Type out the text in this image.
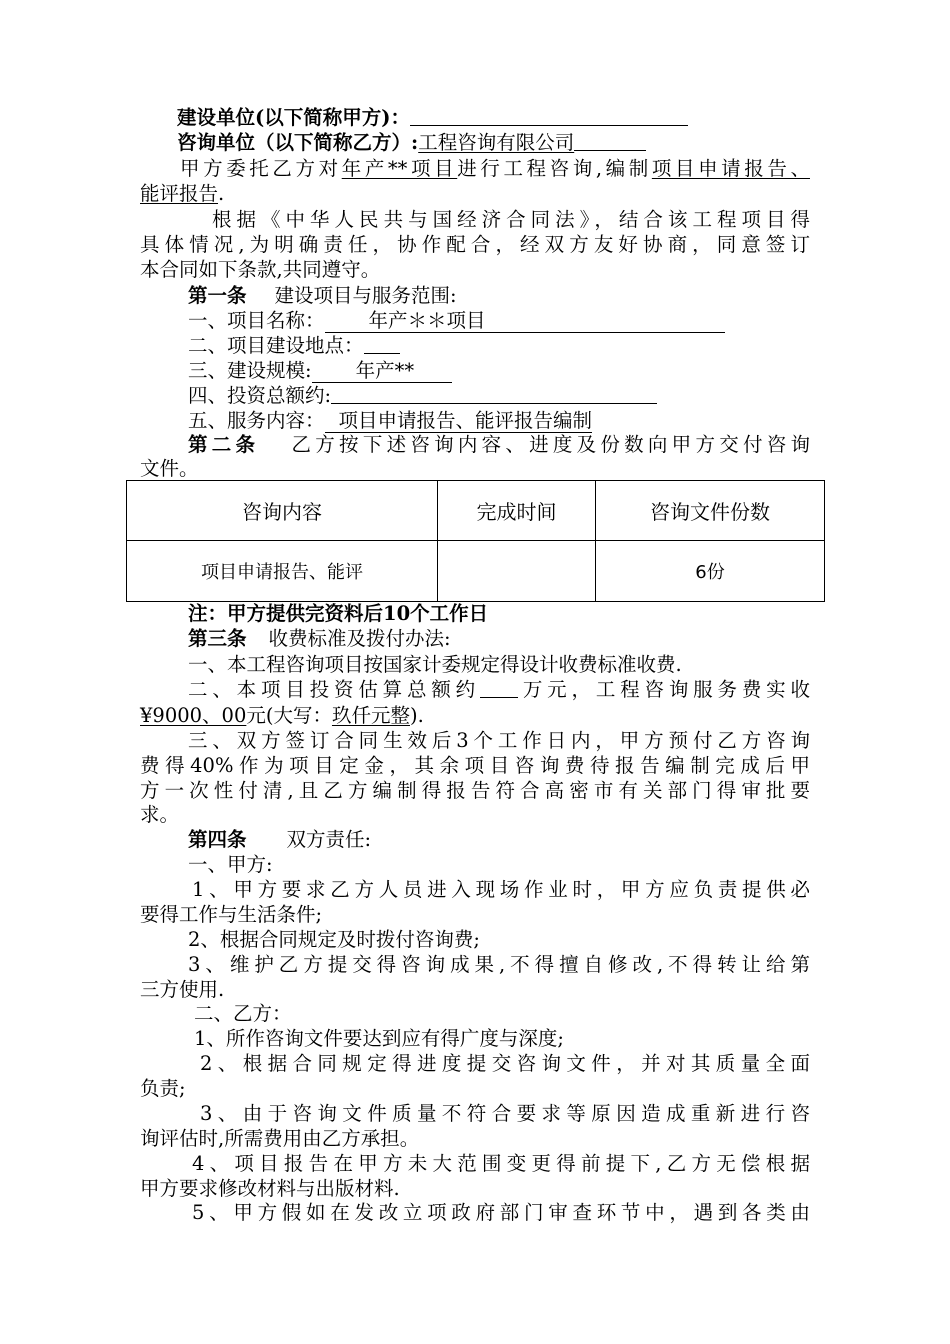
建设单位(以下简称甲方)：
咨询单位（以下简称乙方）:工程咨询有限公司
甲方委托乙方对年产**项目进行工程咨询,编制项目申请报告、
能评报告.
根据《中华人民共与国经济合同法》，结合该工程项目得
具体情况,为明确责任，协作配合，经双方友好协商，同意签订
本合同如下条款,共同遵守。
第一条 建设项目与服务范围:
一、项目名称： 年产＊＊项目
二、项目建设地点：
三、建设规模: 年产**
四、投资总额约:
五、服务内容： 项目申请报告、能评报告编制
第二条 乙方按下述咨询内容、进度及份数向甲方交付咨询
文件。
咨询内容	完成时间	咨询文件份数
项目申请报告、能评		6份
注：甲方提供完资料后10个工作日
第三条 收费标准及拨付办法:
一、本工程咨询项目按国家计委规定得设计收费标准收费.
二、本项目投资估算总额约 万元，工程咨询服务费实收
¥9000、00元(大写：玖仟元整).
三、双方签订合同生效后3个工作日内，甲方预付乙方咨询
费得40%作为项目定金，其余项目咨询费待报告编制完成后甲
方一次性付清,且乙方编制得报告符合高密市有关部门得审批要
求。
第四条 双方责任:
一、甲方:
1、甲方要求乙方人员进入现场作业时，甲方应负责提供必
要得工作与生活条件;
2、根据合同规定及时拨付咨询费;
3、维护乙方提交得咨询成果,不得擅自修改,不得转让给第
三方使用.
二、乙方：
1、所作咨询文件要达到应有得广度与深度;
2、根据合同规定得进度提交咨询文件，并对其质量全面
负责;
3、由于咨询文件质量不符合要求等原因造成重新进行咨
询评估时,所需费用由乙方承担。
4、项目报告在甲方未大范围变更得前提下,乙方无偿根据
甲方要求修改材料与出版材料.
5、甲方假如在发改立项政府部门审查环节中，遇到各类由
